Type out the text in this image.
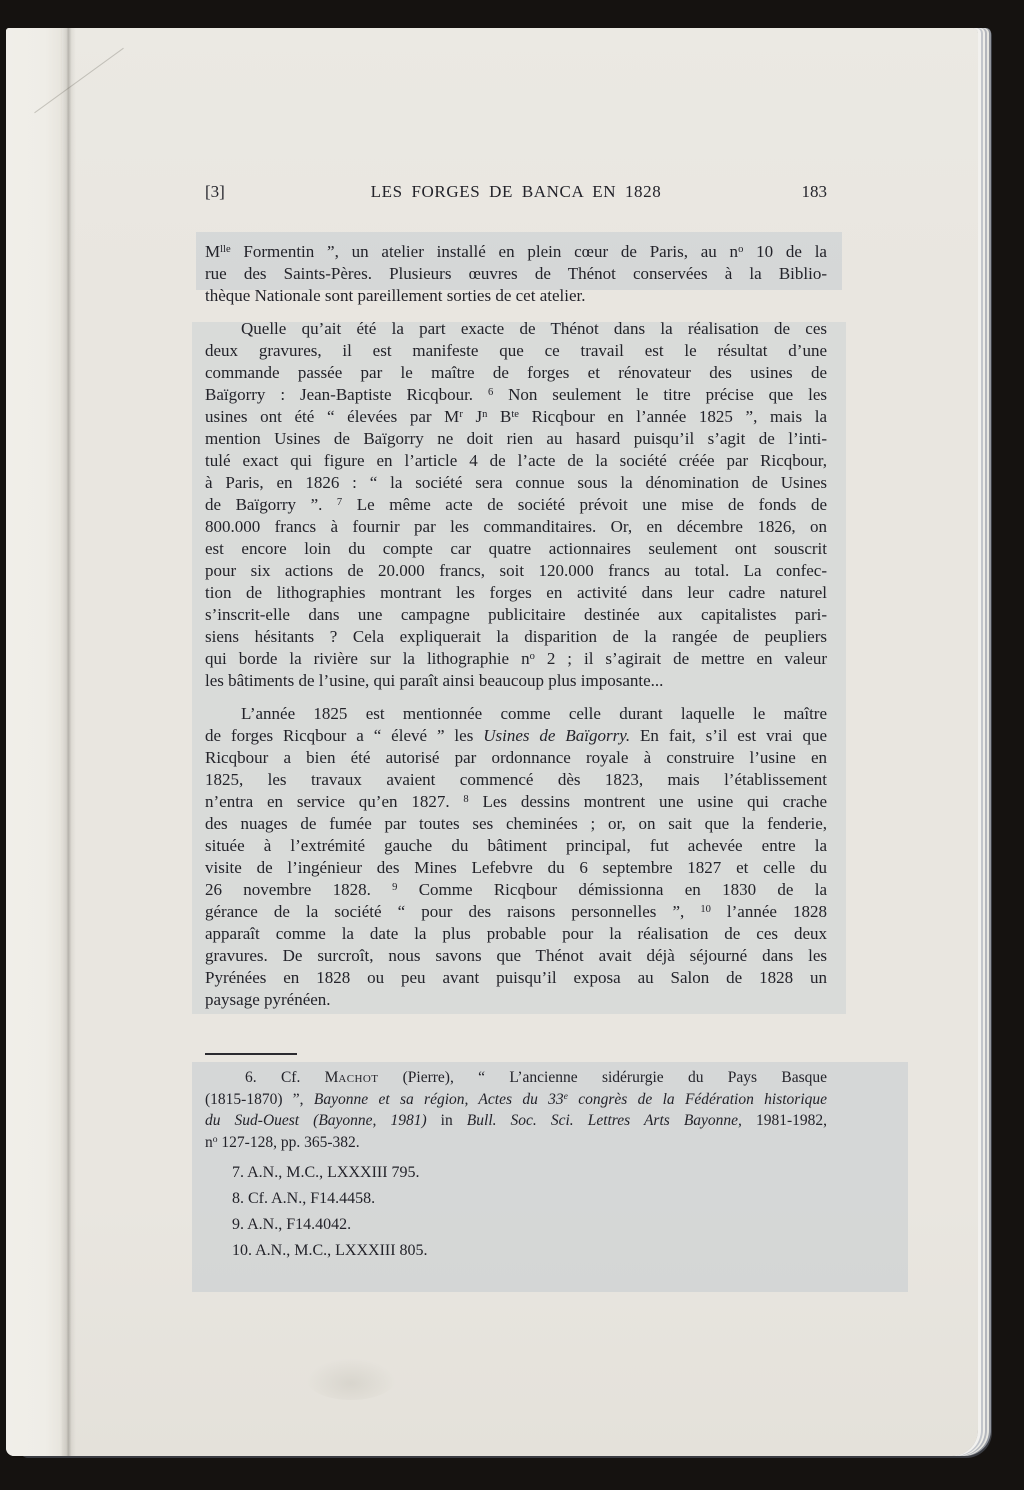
[3]	LES FORGES DE BANCA EN 1828	183
$M^{lle}$ Formentin ”, un atelier installé en plein cœur de Paris, au $n^o$ 10 de la
rue des Saints-Pères. Plusieurs œuvres de Thénot conservées à la Biblio-
thèque Nationale sont pareillement sorties de cet atelier.
Quelle qu’ait été la part exacte de Thénot dans la réalisation de ces
deux gravures, il est manifeste que ce travail est le résultat d’une
commande passée par le maître de forges et rénovateur des usines de
Baïgorry : Jean-Baptiste Ricqbour. $^6$ Non seulement le titre précise que les
usines ont été “ élevées par $M^r$ $J^n$ $B^{te}$ Ricqbour en l’année 1825 ”, mais la
mention Usines de Baïgorry ne doit rien au hasard puisqu’il s’agit de l’inti-
tulé exact qui figure en l’article 4 de l’acte de la société créée par Ricqbour,
à Paris, en 1826 : “ la société sera connue sous la dénomination de Usines
de Baïgorry ”. $^7$ Le même acte de société prévoit une mise de fonds de
800.000 francs à fournir par les commanditaires. Or, en décembre 1826, on
est encore loin du compte car quatre actionnaires seulement ont souscrit
pour six actions de 20.000 francs, soit 120.000 francs au total. La confec-
tion de lithographies montrant les forges en activité dans leur cadre naturel
s’inscrit-elle dans une campagne publicitaire destinée aux capitalistes pari-
siens hésitants ? Cela expliquerait la disparition de la rangée de peupliers
qui borde la rivière sur la lithographie $n^o$ 2 ; il s’agirait de mettre en valeur
les bâtiments de l’usine, qui paraît ainsi beaucoup plus imposante...
L’année 1825 est mentionnée comme celle durant laquelle le maître
de forges Ricqbour a “ élevé ” les Usines de Baïgorry. En fait, s’il est vrai que
Ricqbour a bien été autorisé par ordonnance royale à construire l’usine en
1825, les travaux avaient commencé dès 1823, mais l’établissement
n’entra en service qu’en 1827. $^8$ Les dessins montrent une usine qui crache
des nuages de fumée par toutes ses cheminées ; or, on sait que la fenderie,
située à l’extrémité gauche du bâtiment principal, fut achevée entre la
visite de l’ingénieur des Mines Lefebvre du 6 septembre 1827 et celle du
26 novembre 1828. $^9$ Comme Ricqbour démissionna en 1830 de la
gérance de la société “ pour des raisons personnelles ”, $^{10}$ l’année 1828
apparaît comme la date la plus probable pour la réalisation de ces deux
gravures. De surcroît, nous savons que Thénot avait déjà séjourné dans les
Pyrénées en 1828 ou peu avant puisqu’il exposa au Salon de 1828 un
paysage pyrénéen.
6. Cf. Machot (Pierre), “ L’ancienne sidérurgie du Pays Basque
(1815-1870) ”, Bayonne et sa région, Actes du 33e congrès de la Fédération historique
du Sud-Ouest (Bayonne, 1981) in Bull. Soc. Sci. Lettres Arts Bayonne, 1981-1982,
$n^o$ 127-128, pp. 365-382.
7. A.N., M.C., LXXXIII 795.
8. Cf. A.N., F14.4458.
9. A.N., F14.4042.
10. A.N., M.C., LXXXIII 805.
